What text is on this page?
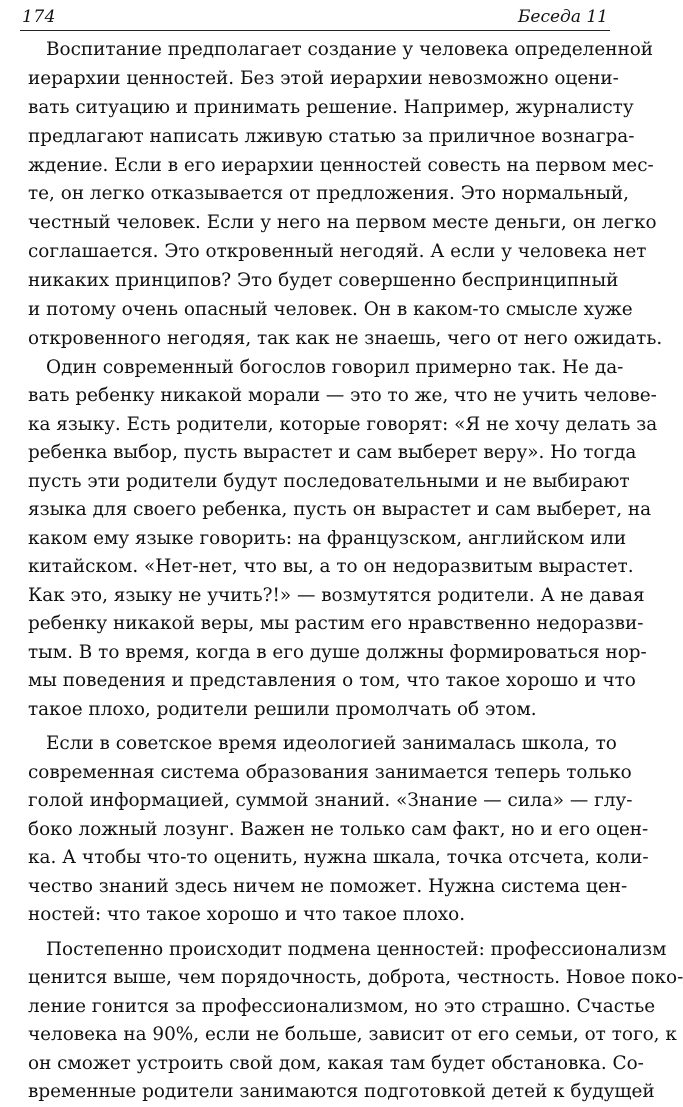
174	Беседа 11
Воспитание предполагает создание у человека определенной
иерархии ценностей. Без этой иерархии невозможно оцени-
вать ситуацию и принимать решение. Например, журналисту
предлагают написать лживую статью за приличное вознагра-
ждение. Если в его иерархии ценностей совесть на первом мес-
те, он легко отказывается от предложения. Это нормальный,
честный человек. Если у него на первом месте деньги, он легко
соглашается. Это откровенный негодяй. А если у человека нет
никаких принципов? Это будет совершенно беспринципный
и потому очень опасный человек. Он в каком-то смысле хуже
откровенного негодяя, так как не знаешь, чего от него ожидать.
Один современный богослов говорил примерно так. Не да-
вать ребенку никакой морали — это то же, что не учить челове-
ка языку. Есть родители, которые говорят: «Я не хочу делать за
ребенка выбор, пусть вырастет и сам выберет веру». Но тогда
пусть эти родители будут последовательными и не выбирают
языка для своего ребенка, пусть он вырастет и сам выберет, на
каком ему языке говорить: на французском, английском или
китайском. «Нет-нет, что вы, а то он недоразвитым вырастет.
Как это, языку не учить?!» — возмутятся родители. А не давая
ребенку никакой веры, мы растим его нравственно недоразви-
тым. В то время, когда в его душе должны формироваться нор-
мы поведения и представления о том, что такое хорошо и что
такое плохо, родители решили промолчать об этом.
Если в советское время идеологией занималась школа, то
современная система образования занимается теперь только
голой информацией, суммой знаний. «Знание — сила» — глу-
боко ложный лозунг. Важен не только сам факт, но и его оцен-
ка. А чтобы что-то оценить, нужна шкала, точка отсчета, коли-
чество знаний здесь ничем не поможет. Нужна система цен-
ностей: что такое хорошо и что такое плохо.
Постепенно происходит подмена ценностей: профессионализм
ценится выше, чем порядочность, доброта, честность. Новое поко-
ление гонится за профессионализмом, но это страшно. Счастье
человека на 90%, если не больше, зависит от его семьи, от того, к
он сможет устроить свой дом, какая там будет обстановка. Со-
временные родители занимаются подготовкой детей к будущей
